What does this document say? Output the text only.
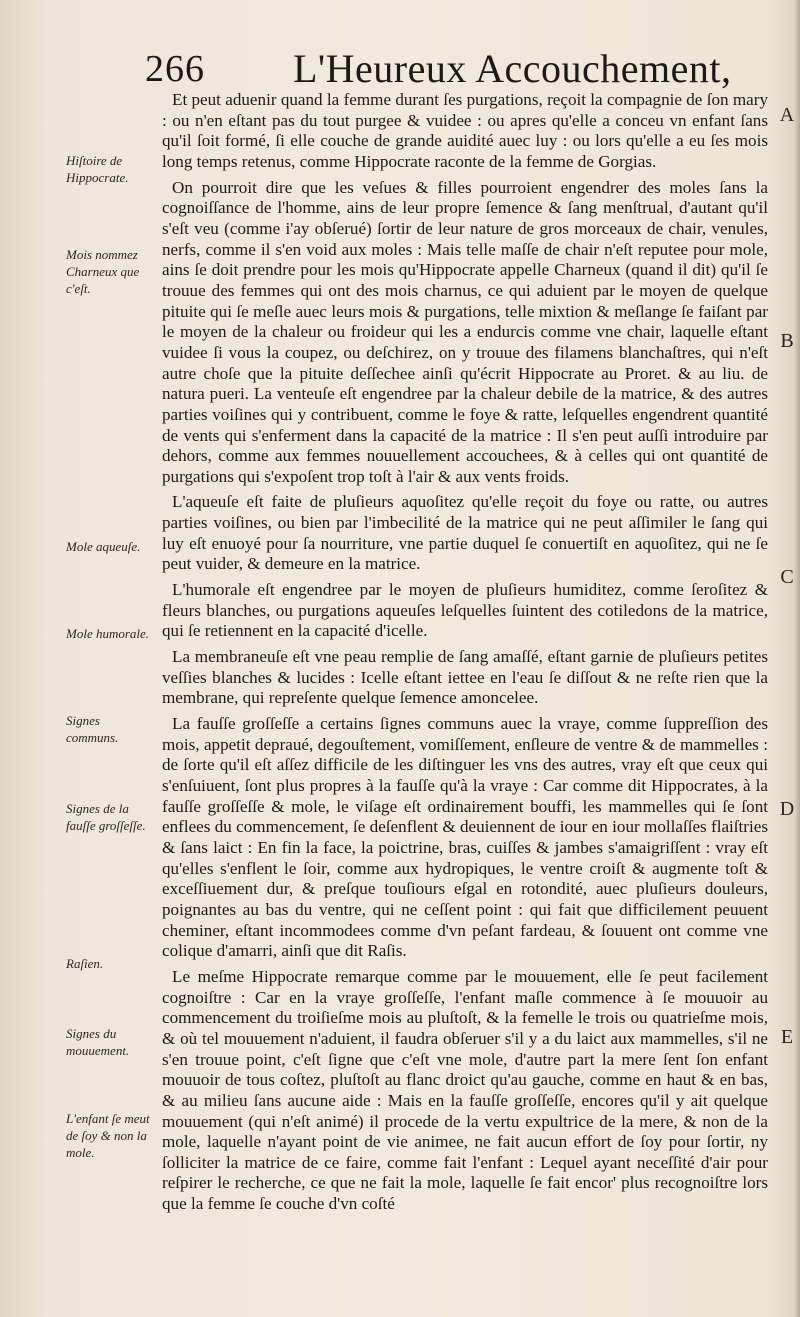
266 L'Heureux Accouchement,

Et peut aduenir quand la femme durant ſes purgations, reçoit la compagnie de ſon mary : ou n'en eſtant pas du tout purgee & vuidee : ou apres qu'elle a conceu vn enfant ſans qu'il ſoit formé, ſi elle couche de grande auidité auec luy : ou lors qu'elle a eu ſes mois long temps retenus, comme Hippocrate raconte de la femme de Gorgias.

On pourroit dire que les veſues & filles pourroient engendrer des moles ſans la cognoiſſance de l'homme, ains de leur propre ſemence & ſang menſtrual, d'autant qu'il s'eſt veu (comme i'ay obſerué) ſortir de leur nature de gros morceaux de chair, venules, nerfs, comme il s'en void aux moles : Mais telle maſſe de chair n'eſt reputee pour mole, ains ſe doit prendre pour les mois qu'Hippocrate appelle Charneux (quand il dit) qu'il ſe trouue des femmes qui ont des mois charnus, ce qui aduient par le moyen de quelque pituite qui ſe meſle auec leurs mois & purgations, telle mixtion & meſlange ſe faiſant par le moyen de la chaleur ou froideur qui les a endurcis comme vne chair, laquelle eſtant vuidee ſi vous la coupez, ou deſchirez, on y trouue des filamens blanchaſtres, qui n'eſt autre choſe que la pituite deſſechee ainſi qu'écrit Hippocrate au Proret. & au liu. de natura pueri. La venteuſe eſt engendree par la chaleur debile de la matrice, & des autres parties voiſines qui y contribuent, comme le foye & ratte, leſquelles engendrent quantité de vents qui s'enferment dans la capacité de la matrice : Il s'en peut auſſi introduire par dehors, comme aux femmes nouuellement accouchees, & à celles qui ont quantité de purgations qui s'expoſent trop toſt à l'air & aux vents froids.

L'aqueuſe eſt faite de pluſieurs aquoſitez qu'elle reçoit du foye ou ratte, ou autres parties voiſines, ou bien par l'imbecilité de la matrice qui ne peut aſſimiler le ſang qui luy eſt enuoyé pour ſa nourriture, vne partie duquel ſe conuertiſt en aquoſitez, qui ne ſe peut vuider, & demeure en la matrice.

L'humorale eſt engendree par le moyen de pluſieurs humiditez, comme ſeroſitez & fleurs blanches, ou purgations aqueuſes leſquelles ſuintent des cotiledons de la matrice, qui ſe retiennent en la capacité d'icelle.

La membraneuſe eſt vne peau remplie de ſang amaſſé, eſtant garnie de pluſieurs petites veſſies blanches & lucides : Icelle eſtant iettee en l'eau ſe diſſout & ne reſte rien que la membrane, qui repreſente quelque ſemence amoncelee.

La fauſſe groſſeſſe a certains ſignes communs auec la vraye, comme ſuppreſſion des mois, appetit depraué, degouſtement, vomiſſement, enſleure de ventre & de mammelles : de ſorte qu'il eſt aſſez difficile de les diſtinguer les vns des autres, vray eſt que ceux qui s'enſuiuent, ſont plus propres à la fauſſe qu'à la vraye : Car comme dit Hippocrates, à la fauſſe groſſeſſe & mole, le viſage eſt ordinairement bouffi, les mammelles qui ſe ſont enflees du commencement, ſe deſenflent & deuiennent de iour en iour mollaſſes flaiſtries & ſans laict : En fin la face, la poictrine, bras, cuiſſes & jambes s'amaigriſſent : vray eſt qu'elles s'enflent le ſoir, comme aux hydropiques, le ventre croiſt & augmente toſt & exceſſiuement dur, & preſque touſiours eſgal en rotondité, auec pluſieurs douleurs, poignantes au bas du ventre, qui ne ceſſent point : qui fait que difficilement peuuent cheminer, eſtant incommodees comme d'vn peſant fardeau, & ſouuent ont comme vne colique d'amarri, ainſi que dit Raſis.

Le meſme Hippocrate remarque comme par le mouuement, elle ſe peut facilement cognoiſtre : Car en la vraye groſſeſſe, l'enfant maſle commence à ſe mouuoir au commencement du troiſieſme mois au pluſtoſt, & la femelle le trois ou quatrieſme mois, & où tel mouuement n'aduient, il faudra obſeruer s'il y a du laict aux mammelles, s'il ne s'en trouue point, c'eſt ſigne que c'eſt vne mole, d'autre part la mere ſent ſon enfant mouuoir de tous coſtez, pluſtoſt au flanc droict qu'au gauche, comme en haut & en bas, & au milieu ſans aucune aide : Mais en la fauſſe groſſeſſe, encores qu'il y ait quelque mouuement (qui n'eſt animé) il procede de la vertu expultrice de la mere, & non de la mole, laquelle n'ayant point de vie animee, ne fait aucun effort de ſoy pour ſortir, ny ſolliciter la matrice de ce faire, comme fait l'enfant : Lequel ayant neceſſité d'air pour reſpirer le recherche, ce que ne fait la mole, laquelle ſe fait encor' plus recognoiſtre lors que la femme ſe couche d'vn coſté

Hiſtoire de Hippocrate.
Mois nommez Charneux que c'eſt.
Mole aqueuſe.
Mole humorale.
Signes communs.
Signes de la fauſſe groſſeſſe.
Raſien.
Signes du mouuement.
L'enfant ſe meut de ſoy & non la mole.
A
B
C
D
E
